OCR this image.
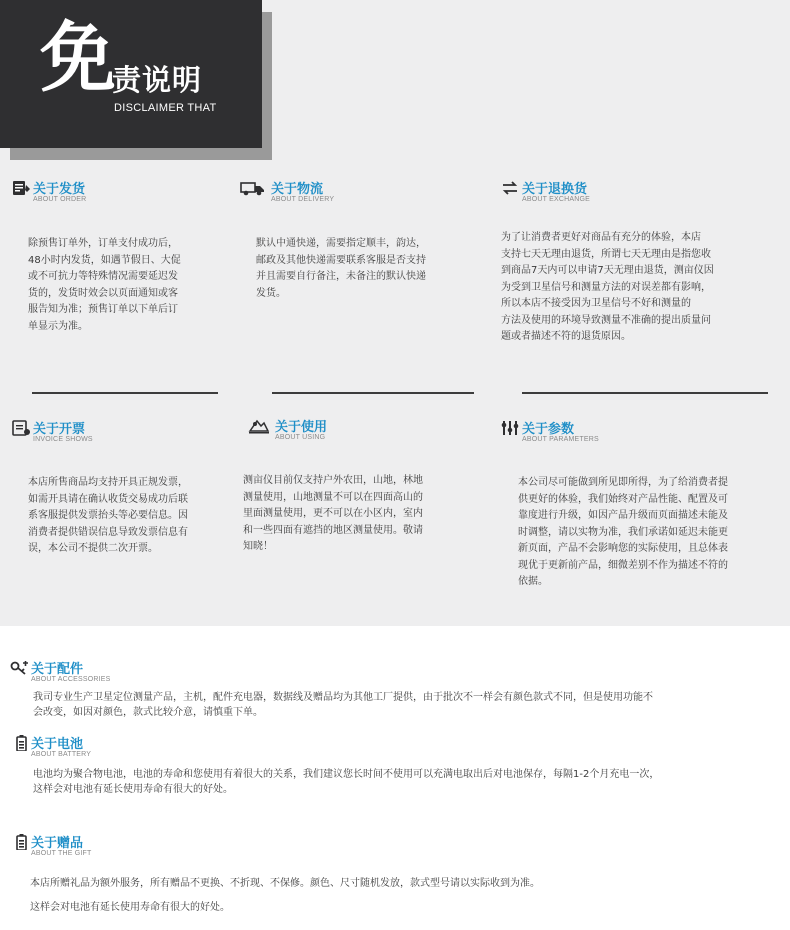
免
责说明
DISCLAIMER THAT
关于发货
ABOUT ORDER
除预售订单外，订单支付成功后，
48小时内发货，如遇节假日、大促
或不可抗力等特殊情况需要延迟发
货的，发货时效会以页面通知或客
服告知为准；预售订单以下单后订
单显示为准。
关于物流
ABOUT DELIVERY
默认中通快递，需要指定顺丰，韵达，
邮政及其他快递需要联系客服是否支持
并且需要自行备注，未备注的默认快递
发货。
关于退换货
ABOUT EXCHANGE
为了让消费者更好对商品有充分的体验，本店
支持七天无理由退货，所谓七天无理由是指您收
到商品7天内可以申请7天无理由退货，测亩仪因
为受到卫星信号和测量方法的对误差都有影响，
所以本店不接受因为卫星信号不好和测量的
方法及使用的环境导致测量不准确的提出质量问
题或者描述不符的退货原因。
关于开票
INVOICE SHOWS
本店所售商品均支持开具正规发票，
如需开具请在确认收货交易成功后联
系客服提供发票抬头等必要信息。因
消费者提供错误信息导致发票信息有
误，本公司不提供二次开票。
关于使用
ABOUT USING
测亩仪目前仅支持户外农田，山地，林地
测量使用，山地测量不可以在四面高山的
里面测量使用，更不可以在小区内，室内
和一些四面有遮挡的地区测量使用。敬请
知晓！
关于参数
ABOUT PARAMETERS
本公司尽可能做到所见即所得，为了给消费者提
供更好的体验，我们始终对产品性能、配置及可
靠度进行升级，如因产品升级而页面描述未能及
时调整，请以实物为准，我们承诺如延迟未能更
新页面，产品不会影响您的实际使用，且总体表
现优于更新前产品，细微差别不作为描述不符的
依据。
关于配件
ABOUT ACCESSORIES
我司专业生产卫星定位测量产品，主机，配件充电器，数据线及赠品均为其他工厂提供，由于批次不一样会有颜色款式不同，但是使用功能不
会改变，如因对颜色，款式比较介意，请慎重下单。
关于电池
ABOUT BATTERY
电池均为聚合物电池，电池的寿命和您使用有着很大的关系，我们建议您长时间不使用可以充满电取出后对电池保存，每隔1-2个月充电一次，
这样会对电池有延长使用寿命有很大的好处。
关于赠品
ABOUT THE GIFT
本店所赠礼品为额外服务，所有赠品不更换、不折现、不保修。颜色、尺寸随机发放，款式型号请以实际收到为准。
这样会对电池有延长使用寿命有很大的好处。
